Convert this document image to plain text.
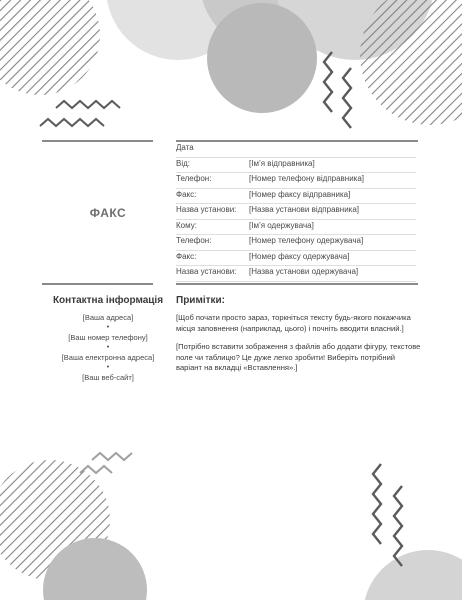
ФАКС
Дата
Від:	[Ім’я відправника]
Телефон:	[Номер телефону відправника]
Факс:	[Номер факсу відправника]
Назва установи: [Назва установи відправника]
Кому:	[Ім’я одержувача]
Телефон:	[Номер телефону одержувача]
Факс:	[Номер факсу одержувача]
Назва установи: [Назва установи одержувача]
Контактна інформація
[Ваша адреса]
•
[Ваш номер телефону]
•
[Ваша електронна адреса]
•
[Ваш веб-сайт]
Примітки:

[Щоб почати просто зараз, торкніться тексту будь-якого покажчика місця заповнення (наприклад, цього) і почніть вводити власний.]

[Потрібно вставити зображення з файлів або додати фігуру, текстове поле чи таблицю? Це дуже легко зробити! Виберіть потрібний варіант на вкладці «Вставлення».]
